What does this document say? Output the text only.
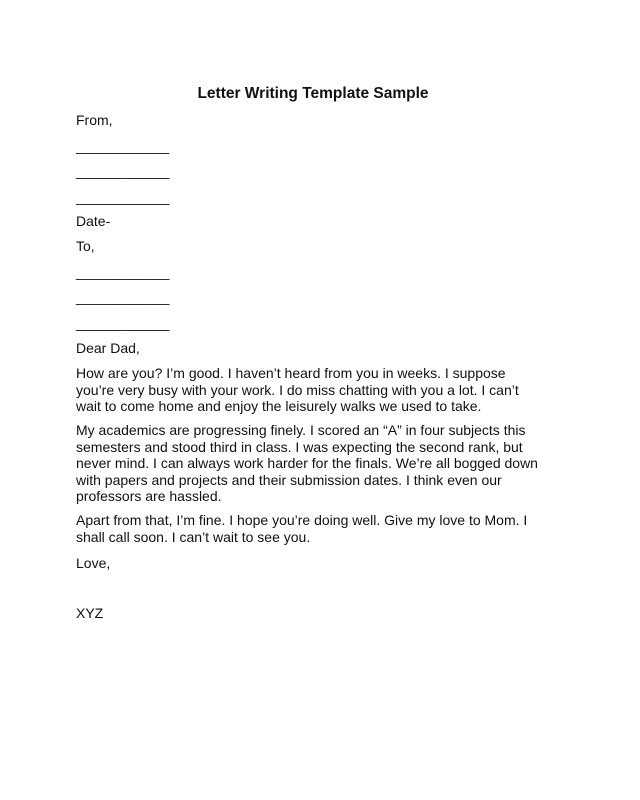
Letter Writing Template Sample

From,

____________

____________

____________

Date-

To,

____________

____________

____________

Dear Dad,

How are you? I’m good. I haven’t heard from you in weeks. I suppose
you’re very busy with your work. I do miss chatting with you a lot. I can’t
wait to come home and enjoy the leisurely walks we used to take.
My academics are progressing finely. I scored an “A” in four subjects this
semesters and stood third in class. I was expecting the second rank, but
never mind. I can always work harder for the finals. We’re all bogged down
with papers and projects and their submission dates. I think even our
professors are hassled.
Apart from that, I’m fine. I hope you’re doing well. Give my love to Mom. I
shall call soon. I can’t wait to see you.

Love,

XYZ
